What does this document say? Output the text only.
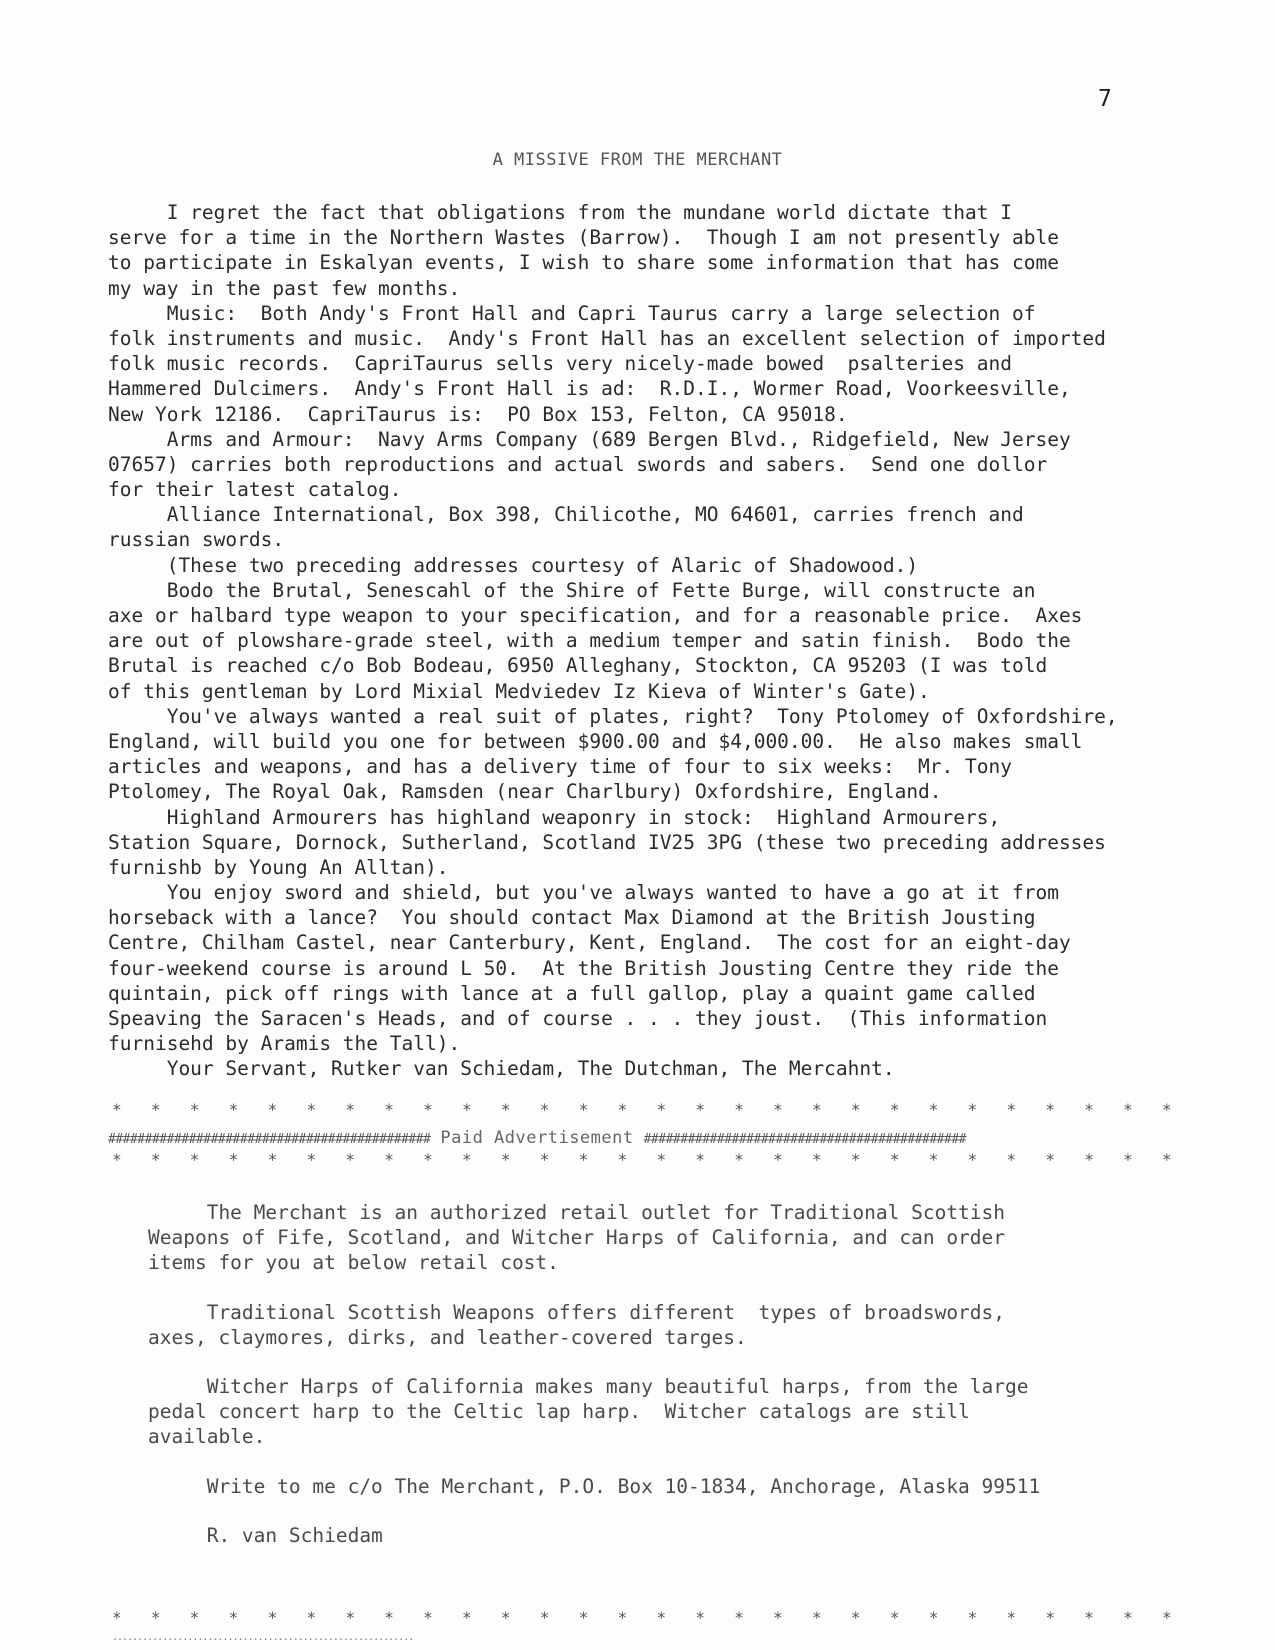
7
A MISSIVE FROM THE MERCHANT
I regret the fact that obligations from the mundane world dictate that I
serve for a time in the Northern Wastes (Barrow).  Though I am not presently able
to participate in Eskalyan events, I wish to share some information that has come
my way in the past few months.
Music:  Both Andy's Front Hall and Capri Taurus carry a large selection of
folk instruments and music.  Andy's Front Hall has an excellent selection of imported
folk music records.  CapriTaurus sells very nicely-made bowed  psalteries and
Hammered Dulcimers.  Andy's Front Hall is ad:  R.D.I., Wormer Road, Voorkeesville,
New York 12186.  CapriTaurus is:  PO Box 153, Felton, CA 95018.
Arms and Armour:  Navy Arms Company (689 Bergen Blvd., Ridgefield, New Jersey
07657) carries both reproductions and actual swords and sabers.  Send one dollor
for their latest catalog.
Alliance International, Box 398, Chilicothe, MO 64601, carries french and
russian swords.
(These two preceding addresses courtesy of Alaric of Shadowood.)
Bodo the Brutal, Senescahl of the Shire of Fette Burge, will constructe an
axe or halbard type weapon to your specification, and for a reasonable price.  Axes
are out of plowshare-grade steel, with a medium temper and satin finish.  Bodo the
Brutal is reached c/o Bob Bodeau, 6950 Alleghany, Stockton, CA 95203 (I was told
of this gentleman by Lord Mixial Medviedev Iz Kieva of Winter's Gate).
You've always wanted a real suit of plates, right?  Tony Ptolomey of Oxfordshire,
England, will build you one for between $900.00 and $4,000.00.  He also makes small
articles and weapons, and has a delivery time of four to six weeks:  Mr. Tony
Ptolomey, The Royal Oak, Ramsden (near Charlbury) Oxfordshire, England.
Highland Armourers has highland weaponry in stock:  Highland Armourers,
Station Square, Dornock, Sutherland, Scotland IV25 3PG (these two preceding addresses
furnishb by Young An Alltan).
You enjoy sword and shield, but you've always wanted to have a go at it from
horseback with a lance?  You should contact Max Diamond at the British Jousting
Centre, Chilham Castel, near Canterbury, Kent, England.  The cost for an eight-day
four-weekend course is around L 50.  At the British Jousting Centre they ride the
quintain, pick off rings with lance at a full gallop, play a quaint game called
Speaving the Saracen's Heads, and of course . . . they joust.  (This information
furnisehd by Aramis the Tall).
Your Servant, Rutker van Schiedam, The Dutchman, The Mercahnt.
* * * * * * * * * * * * * * * * * * * * * * * * * * * *
############################################ Paid Advertisement ############################################
* * * * * * * * * * * * * * * * * * * * * * * * * * * *
The Merchant is an authorized retail outlet for Traditional Scottish
Weapons of Fife, Scotland, and Witcher Harps of California, and can order
items for you at below retail cost.
Traditional Scottish Weapons offers different  types of broadswords,
axes, claymores, dirks, and leather-covered targes.
Witcher Harps of California makes many beautiful harps, from the large
pedal concert harp to the Celtic lap harp.  Witcher catalogs are still
available.
Write to me c/o The Merchant, P.O. Box 10-1834, Anchorage, Alaska 99511
R. van Schiedam
* * * * * * * * * * * * * * * * * * * * * * * * * * * *
............................................................
